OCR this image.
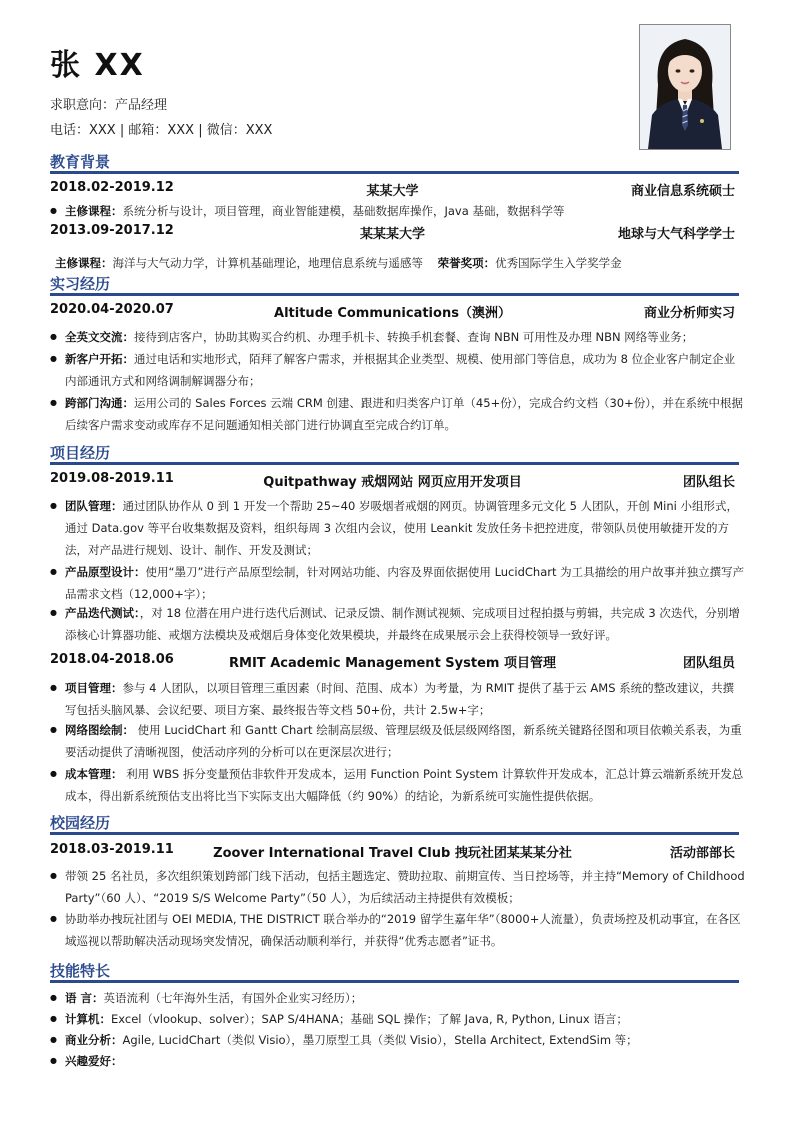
张 XX
求职意向：产品经理
电话：XXX | 邮箱：XXX | 微信：XXX
教育背景
2018.02-2019.12	某某大学	商业信息系统硕士
● 主修课程：系统分析与设计，项目管理，商业智能建模，基础数据库操作，Java 基础，数据科学等
2013.09-2017.12	某某某大学	地球与大气科学学士
主修课程：海洋与大气动力学，计算机基础理论，地理信息系统与遥感等 荣誉奖项：优秀国际学生入学奖学金
实习经历
2020.04-2020.07	Altitude Communications（澳洲）	商业分析师实习
● 全英文交流：接待到店客户，协助其购买合约机、办理手机卡、转换手机套餐、查询 NBN 可用性及办理 NBN 网络等业务；
● 新客户开拓：通过电话和实地形式，陌拜了解客户需求，并根据其企业类型、规模、使用部门等信息，成功为 8 位企业客户制定企业内部通讯方式和网络调制解调器分布；
● 跨部门沟通：运用公司的 Sales Forces 云端 CRM 创建、跟进和归类客户订单（45+份），完成合约文档（30+份），并在系统中根据后续客户需求变动或库存不足问题通知相关部门进行协调直至完成合约订单。
项目经历
2019.08-2019.11	Quitpathway 戒烟网站 网页应用开发项目	团队组长
● 团队管理：通过团队协作从 0 到 1 开发一个帮助 25~40 岁吸烟者戒烟的网页。协调管理多元文化 5 人团队，开创 Mini 小组形式，通过 Data.gov 等平台收集数据及资料，组织每周 3 次组内会议，使用 Leankit 发放任务卡把控进度，带领队员使用敏捷开发的方法，对产品进行规划、设计、制作、开发及测试；
● 产品原型设计：使用“墨刀”进行产品原型绘制，针对网站功能、内容及界面依据使用 LucidChart 为工具描绘的用户故事并独立撰写产品需求文档（12,000+字）；
● 产品迭代测试：，对 18 位潜在用户进行迭代后测试、记录反馈、制作测试视频、完成项目过程拍摄与剪辑，共完成 3 次迭代，分别增添核心计算器功能、戒烟方法模块及戒烟后身体变化效果模块，并最终在成果展示会上获得校领导一致好评。
2018.04-2018.06	RMIT Academic Management System 项目管理	团队组员
● 项目管理：参与 4 人团队，以项目管理三重因素（时间、范围、成本）为考量，为 RMIT 提供了基于云 AMS 系统的整改建议，共撰写包括头脑风暴、会议纪要、项目方案、最终报告等文档 50+份，共计 2.5w+字；
● 网络图绘制： 使用 LucidChart 和 Gantt Chart 绘制高层级、管理层级及低层级网络图，新系统关键路径图和项目依赖关系表，为重要活动提供了清晰视图，使活动序列的分析可以在更深层次进行；
● 成本管理： 利用 WBS 拆分变量预估非软件开发成本，运用 Function Point System 计算软件开发成本，汇总计算云端新系统开发总成本，得出新系统预估支出将比当下实际支出大幅降低（约 90%）的结论，为新系统可实施性提供依据。
校园经历
2018.03-2019.11	Zoover International Travel Club 拽玩社团某某某分社	活动部部长
● 带领 25 名社员，多次组织策划跨部门线下活动，包括主题选定、赞助拉取、前期宣传、当日控场等，并主持“Memory of Childhood Party”（60 人）、“2019 S/S Welcome Party”（50 人），为后续活动主持提供有效模板；
● 协助举办拽玩社团与 OEI MEDIA, THE DISTRICT 联合举办的“2019 留学生嘉年华”（8000+人流量），负责场控及机动事宜，在各区域巡视以帮助解决活动现场突发情况，确保活动顺利举行，并获得“优秀志愿者”证书。
技能特长
● 语 言：英语流利（七年海外生活，有国外企业实习经历）；
● 计算机：Excel（vlookup、solver）；SAP S/4HANA；基础 SQL 操作；了解 Java, R, Python, Linux 语言；
● 商业分析：Agile, LucidChart（类似 Visio），墨刀原型工具（类似 Visio），Stella Architect, ExtendSim 等；
● 兴趣爱好：
